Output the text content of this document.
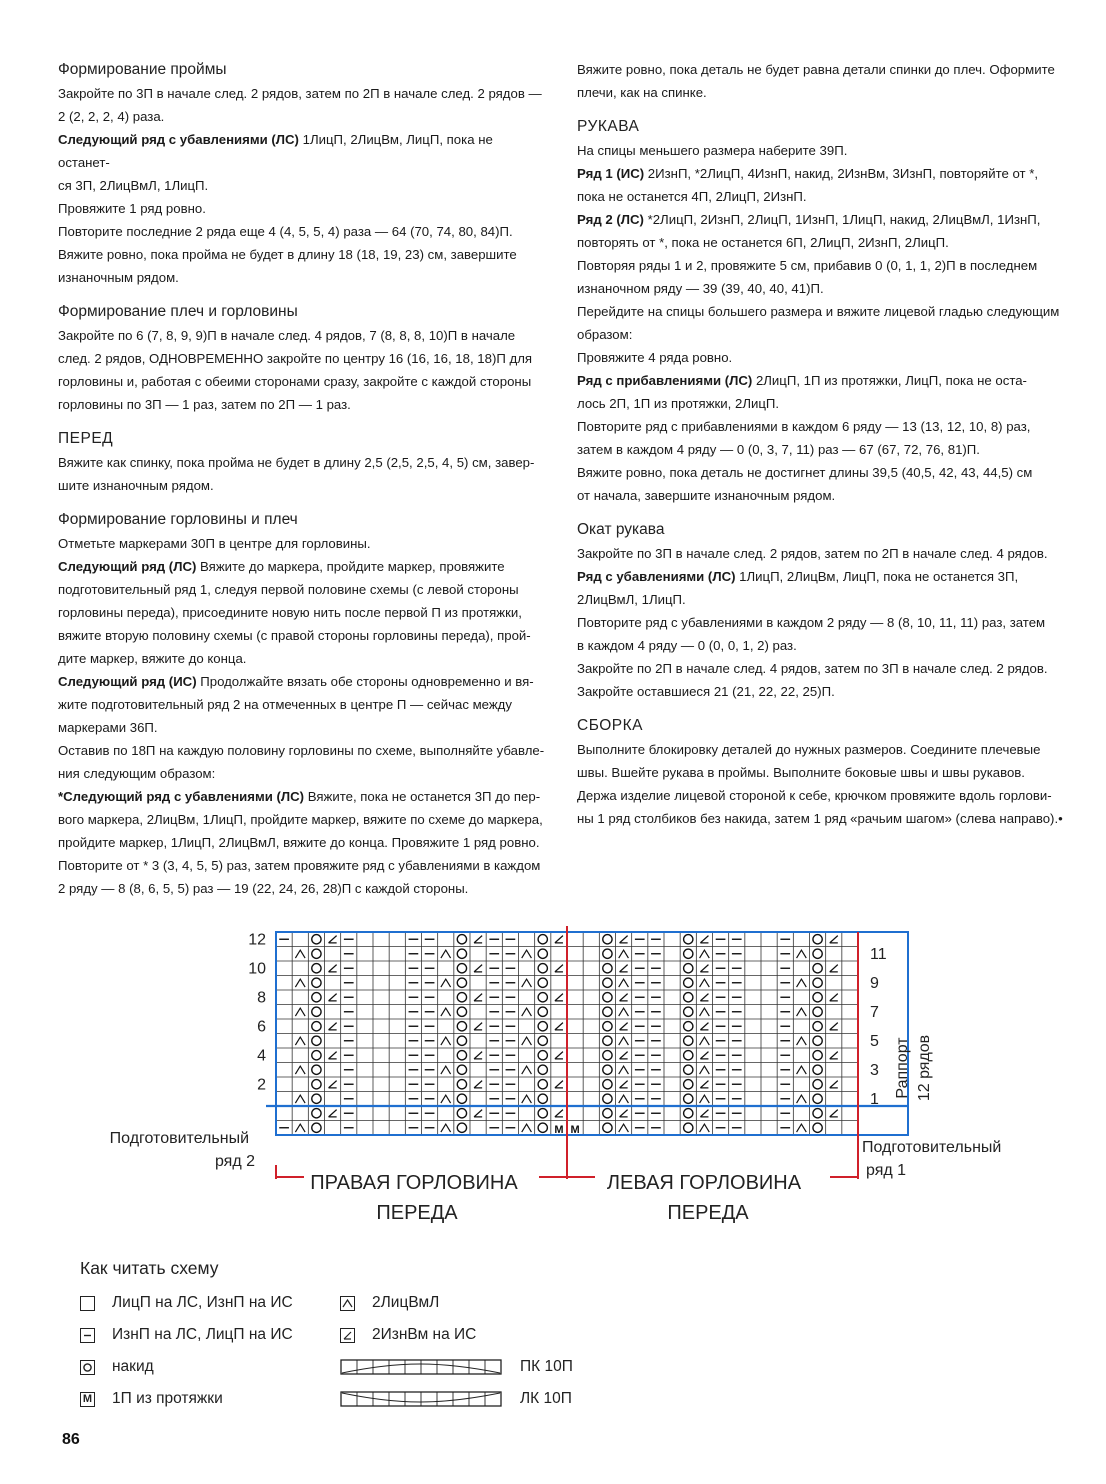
Формирование проймы

Закройте по 3П в начале след. 2 рядов, затем по 2П в начале след. 2 рядов —

2 (2, 2, 2, 4) раза.

Следующий ряд с убавлениями (ЛС) 1ЛицП, 2ЛицВм, ЛицП, пока не останет-

ся 3П, 2ЛицВмЛ, 1ЛицП.

Провяжите 1 ряд ровно.

Повторите последние 2 ряда еще 4 (4, 5, 5, 4) раза — 64 (70, 74, 80, 84)П.

Вяжите ровно, пока пройма не будет в длину 18 (18, 19, 23) см, завершите

изнаночным рядом.

Формирование плеч и горловины

Закройте по 6 (7, 8, 9, 9)П в начале след. 4 рядов, 7 (8, 8, 8, 10)П в начале

след. 2 рядов, ОДНОВРЕМЕННО закройте по центру 16 (16, 16, 18, 18)П для

горловины и, работая с обеими сторонами сразу, закройте с каждой стороны

горловины по 3П — 1 раз, затем по 2П — 1 раз.

ПЕРЕД

Вяжите как спинку, пока пройма не будет в длину 2,5 (2,5, 2,5, 4, 5) см, завер-

шите изнаночным рядом.

Формирование горловины и плеч

Отметьте маркерами 30П в центре для горловины.

Следующий ряд (ЛС) Вяжите до маркера, пройдите маркер, провяжите

подготовительный ряд 1, следуя первой половине схемы (с левой стороны

горловины переда), присоедините новую нить после первой П из протяжки,

вяжите вторую половину схемы (с правой стороны горловины переда), прой-

дите маркер, вяжите до конца.

Следующий ряд (ИС) Продолжайте вязать обе стороны одновременно и вя-

жите подготовительный ряд 2 на отмеченных в центре П — сейчас между

маркерами 36П.

Оставив по 18П на каждую половину горловины по схеме, выполняйте убавле-

ния следующим образом:

*Следующий ряд с убавлениями (ЛС) Вяжите, пока не останется 3П до пер-

вого маркера, 2ЛицВм, 1ЛицП, пройдите маркер, вяжите по схеме до маркера,

пройдите маркер, 1ЛицП, 2ЛицВмЛ, вяжите до конца. Провяжите 1 ряд ровно.

Повторите от * 3 (3, 4, 5, 5) раз, затем провяжите ряд с убавлениями в каждом

2 ряду — 8 (8, 6, 5, 5) раз — 19 (22, 24, 26, 28)П с каждой стороны.

Вяжите ровно, пока деталь не будет равна детали спинки до плеч. Оформите

плечи, как на спинке.

РУКАВА

На спицы меньшего размера наберите 39П.

Ряд 1 (ИС) 2ИзнП, *2ЛицП, 4ИзнП, накид, 2ИзнВм, 3ИзнП, повторяйте от *,

пока не останется 4П, 2ЛицП, 2ИзнП.

Ряд 2 (ЛС) *2ЛицП, 2ИзнП, 2ЛицП, 1ИзнП, 1ЛицП, накид, 2ЛицВмЛ, 1ИзнП,

повторять от *, пока не останется 6П, 2ЛицП, 2ИзнП, 2ЛицП.

Повторяя ряды 1 и 2, провяжите 5 см, прибавив 0 (0, 1, 1, 2)П в последнем

изнаночном ряду — 39 (39, 40, 40, 41)П.

Перейдите на спицы большего размера и вяжите лицевой гладью следующим

образом:

Провяжите 4 ряда ровно.

Ряд с прибавлениями (ЛС) 2ЛицП, 1П из протяжки, ЛицП, пока не оста-

лось 2П, 1П из протяжки, 2ЛицП.

Повторите ряд с прибавлениями в каждом 6 ряду — 13 (13, 12, 10, 8) раз,

затем в каждом 4 ряду — 0 (0, 3, 7, 11) раз — 67 (67, 72, 76, 81)П.

Вяжите ровно, пока деталь не достигнет длины 39,5 (40,5, 42, 43, 44,5) см

от начала, завершите изнаночным рядом.

Окат рукава

Закройте по 3П в начале след. 2 рядов, затем по 2П в начале след. 4 рядов.

Ряд с убавлениями (ЛС) 1ЛицП, 2ЛицВм, ЛицП, пока не останется 3П,

2ЛицВмЛ, 1ЛицП.

Повторите ряд с убавлениями в каждом 2 ряду — 8 (8, 10, 11, 11) раз, затем

в каждом 4 ряду — 0 (0, 0, 1, 2) раз.

Закройте по 2П в начале след. 4 рядов, затем по 3П в начале след. 2 рядов.

Закройте оставшиеся 21 (21, 22, 22, 25)П.

СБОРКА

Выполните блокировку деталей до нужных размеров. Соедините плечевые

швы. Вшейте рукава в проймы. Выполните боковые швы и швы рукавов.

Держа изделие лицевой стороной к себе, крючком провяжите вдоль горлови-

ны 1 ряд столбиков без накида, затем 1 ряд «рачьим шагом» (слева направо).•

М М
12
10
8
6
4
2
11
9
7
5
3
1
Подготовительный
ряд 2
Подготовительный
ряд 1
Раппорт 12 рядов
ПРАВАЯ ГОРЛОВИНА
ПЕРЕДА
ЛЕВАЯ ГОРЛОВИНА
ПЕРЕДА
Как читать схему
ЛицП на ЛС, ИзнП на ИС
ИзнП на ЛС, ЛицП на ИС
накид
М 1П из протяжки
2ЛицВмЛ
2ИзнВм на ИС
ПК 10П
ЛК 10П
86
